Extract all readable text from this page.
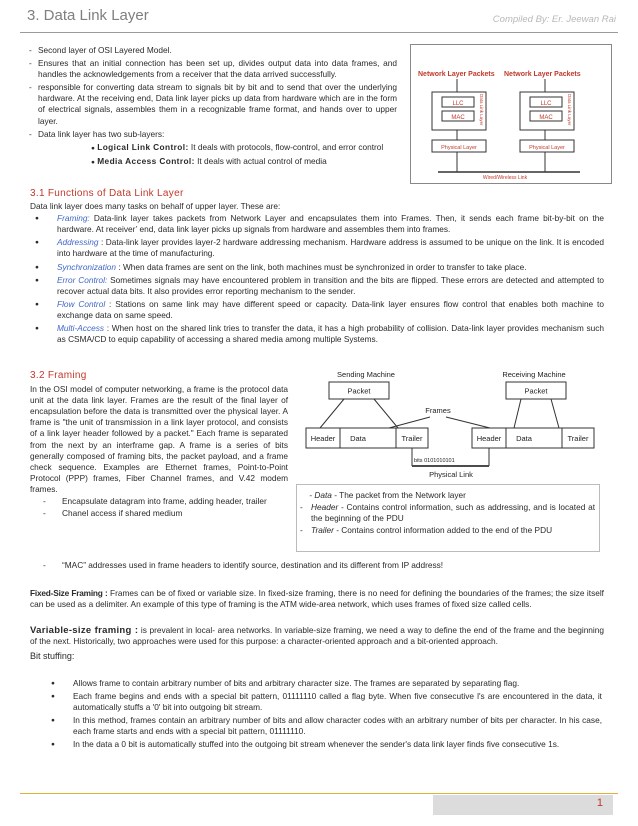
3. Data Link Layer	Compiled By: Er. Jeewan Rai
- Second layer of OSI Layered Model.
- Ensures that an initial connection has been set up, divides output data into data frames, and handles the acknowledgements from a receiver that the data arrived successfully.
- responsible for converting data stream to signals bit by bit and to send that over the underlying hardware. At the receiving end, Data link layer picks up data from hardware which are in the form of electrical signals, assembles them in a recognizable frame format, and hands over to upper layer.
- Data link layer has two sub-layers:
● Logical Link Control: It deals with protocols, flow-control, and error control
● Media Access Control: It deals with actual control of media
Network Layer Packets Network Layer Packets
LLC
MAC
LLC
MAC
Data Link Layer	Data Link Layer
Physical Layer	Physical Layer
Wired/Wireless Link
3.1 Functions of Data Link Layer
Data link layer does many tasks on behalf of upper layer. These are:
● Framing: Data-link layer takes packets from Network Layer and encapsulates them into Frames. Then, it sends each frame bit-by-bit on the hardware. At receiver’ end, data link layer picks up signals from hardware and assembles them into frames.
● Addressing : Data-link layer provides layer-2 hardware addressing mechanism. Hardware address is assumed to be unique on the link. It is encoded into hardware at the time of manufacturing.
● Synchronization : When data frames are sent on the link, both machines must be synchronized in order to transfer to take place.
● Error Control: Sometimes signals may have encountered problem in transition and the bits are flipped. These errors are detected and attempted to recover actual data bits. It also provides error reporting mechanism to the sender.
● Flow Control : Stations on same link may have different speed or capacity. Data-link layer ensures flow control that enables both machine to exchange data on same speed.
● Multi-Access : When host on the shared link tries to transfer the data, it has a high probability of collision. Data-link layer provides mechanism such as CSMA/CD to equip capability of accessing a shared media among multiple Systems.
3.2 Framing
In the OSI model of computer networking, a frame is the protocol data unit at the data link layer. Frames are the result of the final layer of encapsulation before the data is transmitted over the physical layer. A frame is "the unit of transmission in a link layer protocol, and consists of a link layer header followed by a packet." Each frame is separated from the next by an interframe gap. A frame is a series of bits generally composed of framing bits, the packet payload, and a frame check sequence. Examples are Ethernet frames, Point-to-Point Protocol (PPP) frames, Fiber Channel frames, and V.42 modem frames.
- Encapsulate datagram into frame, adding header, trailer
- Chanel access if shared medium
- “MAC” addresses used in frame headers to identify source, destination and its different from IP address!
Sending Machine	Receiving Machine
Packet	Packet
Frames
Header Data	Trailer	Header Data	Trailer
bits 0101010101
Physical Link
- Data - The packet from the Network layer
- Header - Contains control information, such as addressing, and is located at the beginning of the PDU
- Trailer - Contains control information added to the end of the PDU
Fixed-Size Framing : Frames can be of fixed or variable size. In fixed-size framing, there is no need for defining the boundaries of the frames; the size itself can be used as a delimiter. An example of this type of framing is the ATM wide-area network, which uses frames of fixed size called cells.
Variable-size framing : is prevalent in local- area networks. In variable-size framing, we need a way to define the end of the frame and the beginning of the next. Historically, two approaches were used for this purpose: a character-oriented approach and a bit-oriented approach.
Bit stuffing:
● Allows frame to contain arbitrary number of bits and arbitrary character size. The frames are separated by separating flag.
● Each frame begins and ends with a special bit pattern, 01111110 called a flag byte. When five consecutive l's are encountered in the data, it automatically stuffs a '0' bit into outgoing bit stream.
● In this method, frames contain an arbitrary number of bits and allow character codes with an arbitrary number of bits per character. In his case, each frame starts and ends with a special bit pattern, 01111110.
● In the data a 0 bit is automatically stuffed into the outgoing bit stream whenever the sender's data link layer finds five consecutive 1s.
1
